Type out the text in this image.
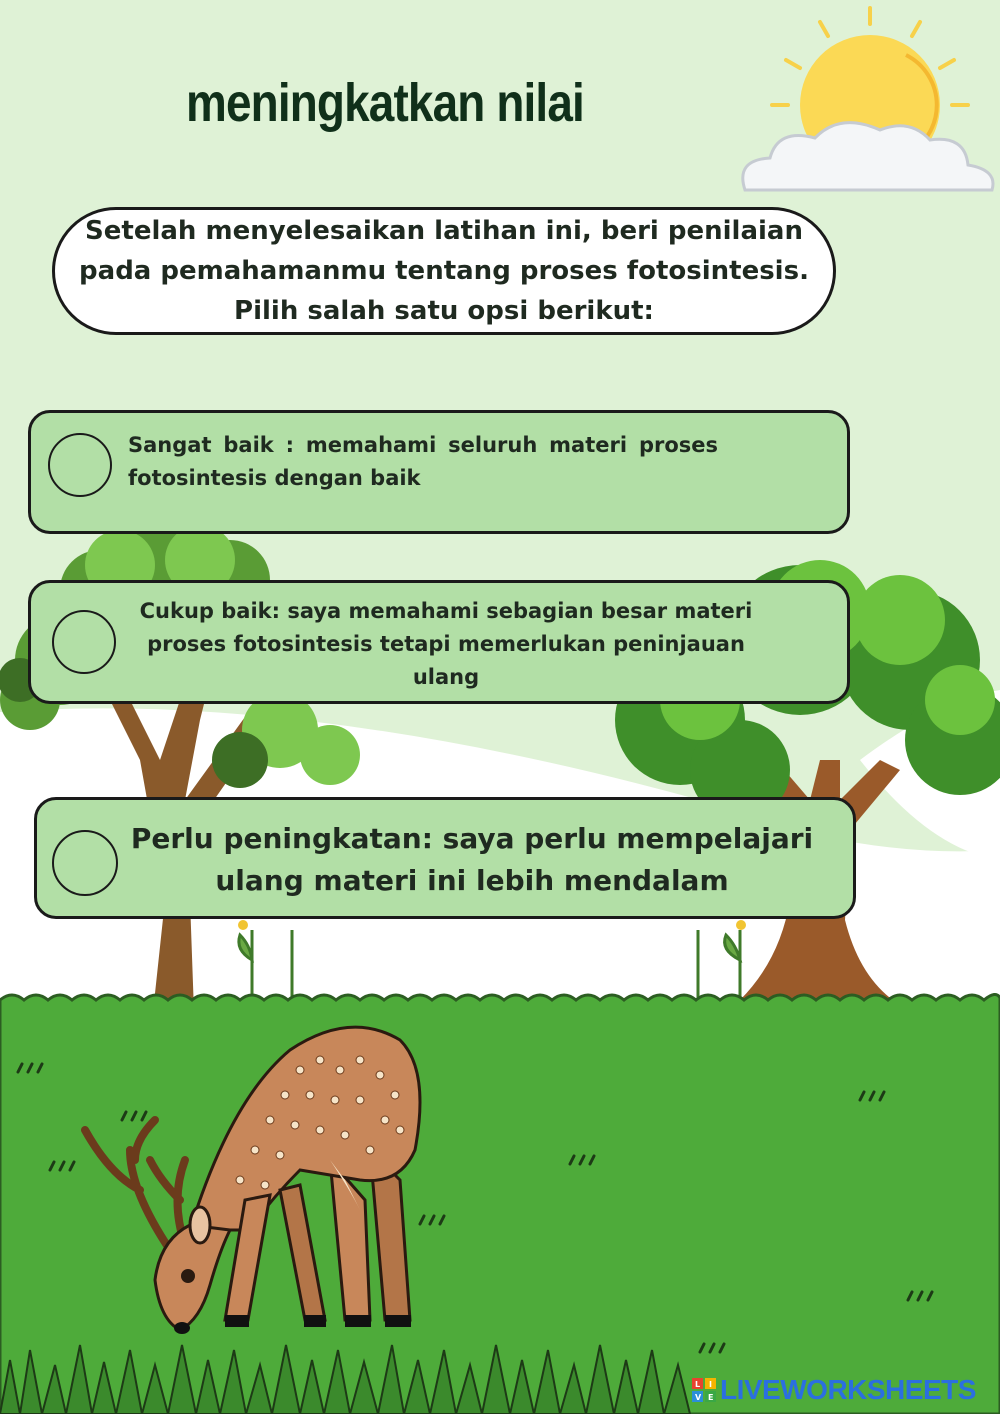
meningkatkan nilai
Setelah menyelesaikan latihan ini, beri penilaian pada pemahamanmu tentang proses fotosintesis. Pilih salah satu opsi berikut:
Sangat baik : memahami seluruh materi proses fotosintesis dengan baik
Cukup baik: saya memahami sebagian besar materi proses fotosintesis tetapi memerlukan peninjauan ulang
Perlu peningkatan: saya perlu mempelajari ulang materi ini lebih mendalam
L I
V E LIVEWORKSHEETS
